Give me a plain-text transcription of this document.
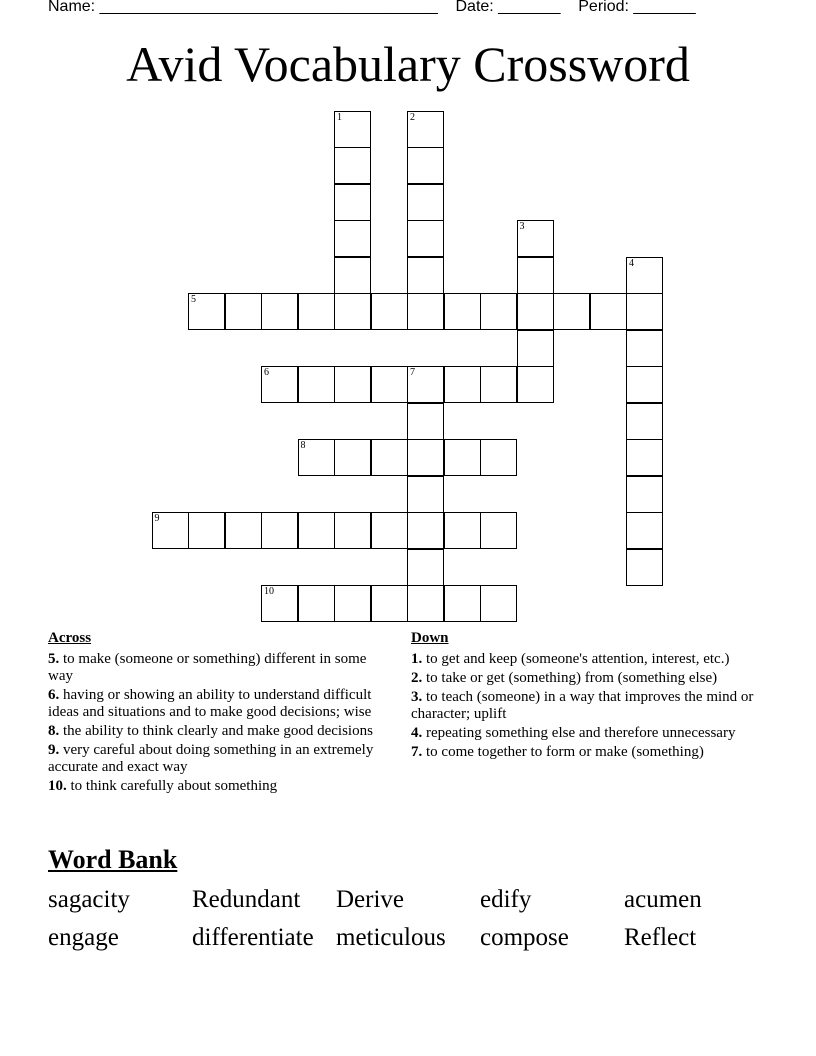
Name: ______________________________________    Date: _______    Period: _______
Avid Vocabulary Crossword
1	2
3
4
5
6	7
8
9
10
Across
5. to make (someone or something) different in some way
6. having or showing an ability to understand difficult ideas and situations and to make good decisions; wise
8. the ability to think clearly and make good decisions
9. very careful about doing something in an extremely accurate and exact way
10. to think carefully about something
Down
1. to get and keep (someone's attention, interest, etc.)
2. to take or get (something) from (something else)
3. to teach (someone) in a way that improves the mind or character; uplift
4. repeating something else and therefore unnecessary
7. to come together to form or make (something)
Word Bank
sagacity Redundant Derive	edify	acumen
engage	differentiate meticulous compose Reflect
